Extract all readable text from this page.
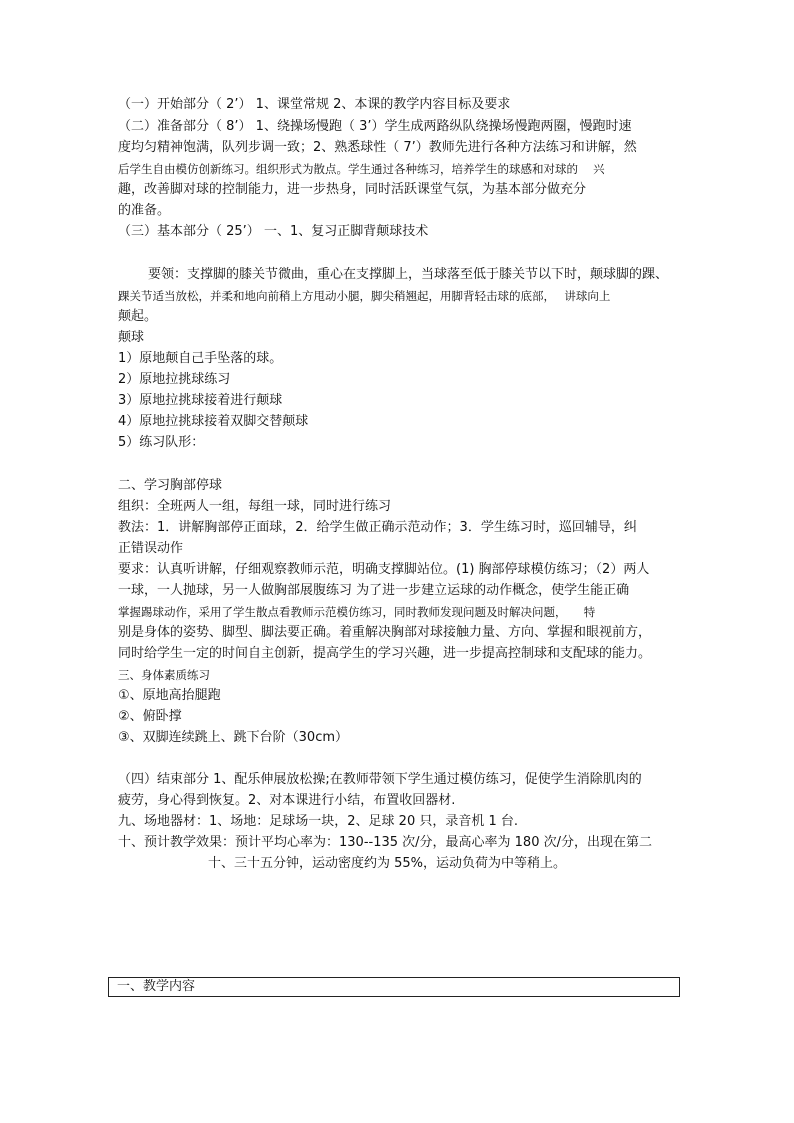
（一）开始部分（ 2’） 1、课堂常规 2、本课的教学内容目标及要求
（二）准备部分（ 8’） 1、绕操场慢跑（ 3’）学生成两路纵队绕操场慢跑两圈，慢跑时速
度均匀精神饱满，队列步调一致；2、熟悉球性（ 7’）教师先进行各种方法练习和讲解，然
后学生自由模仿创新练习。组织形式为散点。学生通过各种练习，培养学生的球感和对球的　 兴
趣，改善脚对球的控制能力，进一步热身，同时活跃课堂气氛，为基本部分做充分
的准备。
（三）基本部分（ 25’） 一、1、复习正脚背颠球技术
要领：支撑脚的膝关节微曲，重心在支撑脚上，当球落至低于膝关节以下时，颠球脚的踝、
踝关节适当放松，并柔和地向前稍上方甩动小腿，脚尖稍翘起，用脚背轻击球的底部，　 讲球向上
颠起。
颠球
1）原地颠自己手坠落的球。
2）原地拉挑球练习
3）原地拉挑球接着进行颠球
4）原地拉挑球接着双脚交替颠球
5）练习队形：
二、学习胸部停球
组织：全班两人一组，每组一球，同时进行练习
教法：1．讲解胸部停正面球，2．给学生做正确示范动作；3．学生练习时，巡回辅导，纠
正错误动作
要求：认真听讲解，仔细观察教师示范，明确支撑脚站位。(1) 胸部停球模仿练习；（2）两人
一球，一人抛球，另一人做胸部展腹练习 为了进一步建立运球的动作概念，使学生能正确
掌握踢球动作，采用了学生散点看教师示范模仿练习，同时教师发现问题及时解决问题，　　特
别是身体的姿势、脚型、脚法要正确。着重解决胸部对球接触力量、方向、掌握和眼视前方，
同时给学生一定的时间自主创新，提高学生的学习兴趣，进一步提高控制球和支配球的能力。
三、身体素质练习
①、原地高抬腿跑
②、俯卧撑
③、双脚连续跳上、跳下台阶（30cm）
（四）结束部分 1、配乐伸展放松操;在教师带领下学生通过模仿练习，促使学生消除肌肉的
疲劳，身心得到恢复。2、对本课进行小结，布置收回器材.
九、场地器材：1、场地：足球场一块，2、足球 20 只，录音机 1 台.
十、预计教学效果：预计平均心率为：130--135 次/分，最高心率为 180 次/分，出现在第二
十、三十五分钟，运动密度约为 55%，运动负荷为中等稍上。
一、教学内容
